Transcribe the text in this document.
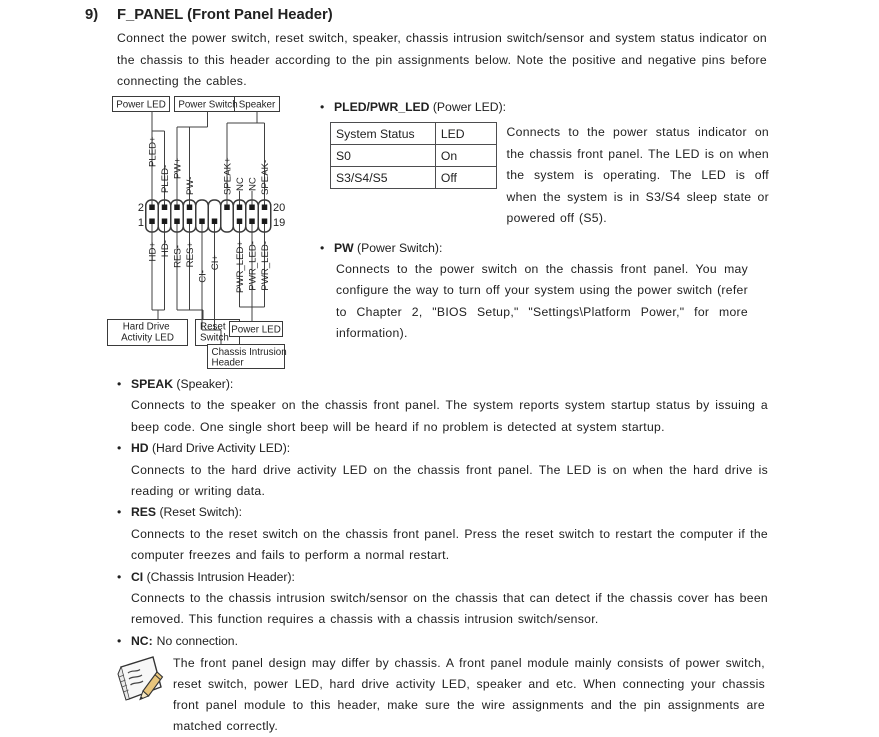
9) F_PANEL (Front Panel Header)

Connect the power switch, reset switch, speaker, chassis intrusion switch/sensor and system status indicator on the chassis to this header according to the pin assignments below. Note the positive and negative pins before connecting the cables.

Power LED Power Switch Speaker
Hard Drive Activity LED
Reset Switch
Chassis Intrusion Header
Power LED
2
1
20
19
PLED+
PLED- PW+
PW-	SPEAK+ NC NC SPEAK-
HD+ HD- RES- RES+
CI-
CI+ PWR_LED+ PWR_LED- PWR_LED-
• PLED/PWR_LED (Power LED):
System Status	LED
S0	On
S3/S4/S5	Off

Connects to the power status indicator on the chassis front panel. The LED is on when the system is operating. The LED is off when the system is in S3/S4 sleep state or powered off (S5).

• PW (Power Switch):

Connects to the power switch on the chassis front panel. You may configure the way to turn off your system using the power switch (refer to Chapter 2, "BIOS Setup," "Settings\Platform Power," for more information).

• SPEAK (Speaker):

Connects to the speaker on the chassis front panel. The system reports system startup status by issuing a beep code. One single short beep will be heard if no problem is detected at system startup.

• HD (Hard Drive Activity LED):

Connects to the hard drive activity LED on the chassis front panel. The LED is on when the hard drive is reading or writing data.

• RES (Reset Switch):

Connects to the reset switch on the chassis front panel. Press the reset switch to restart the computer if the computer freezes and fails to perform a normal restart.

• CI (Chassis Intrusion Header):

Connects to the chassis intrusion switch/sensor on the chassis that can detect if the chassis cover has been removed. This function requires a chassis with a chassis intrusion switch/sensor.

• NC: No connection.

The front panel design may differ by chassis. A front panel module mainly consists of power switch, reset switch, power LED, hard drive activity LED, speaker and etc. When connecting your chassis front panel module to this header, make sure the wire assignments and the pin assignments are matched correctly.
